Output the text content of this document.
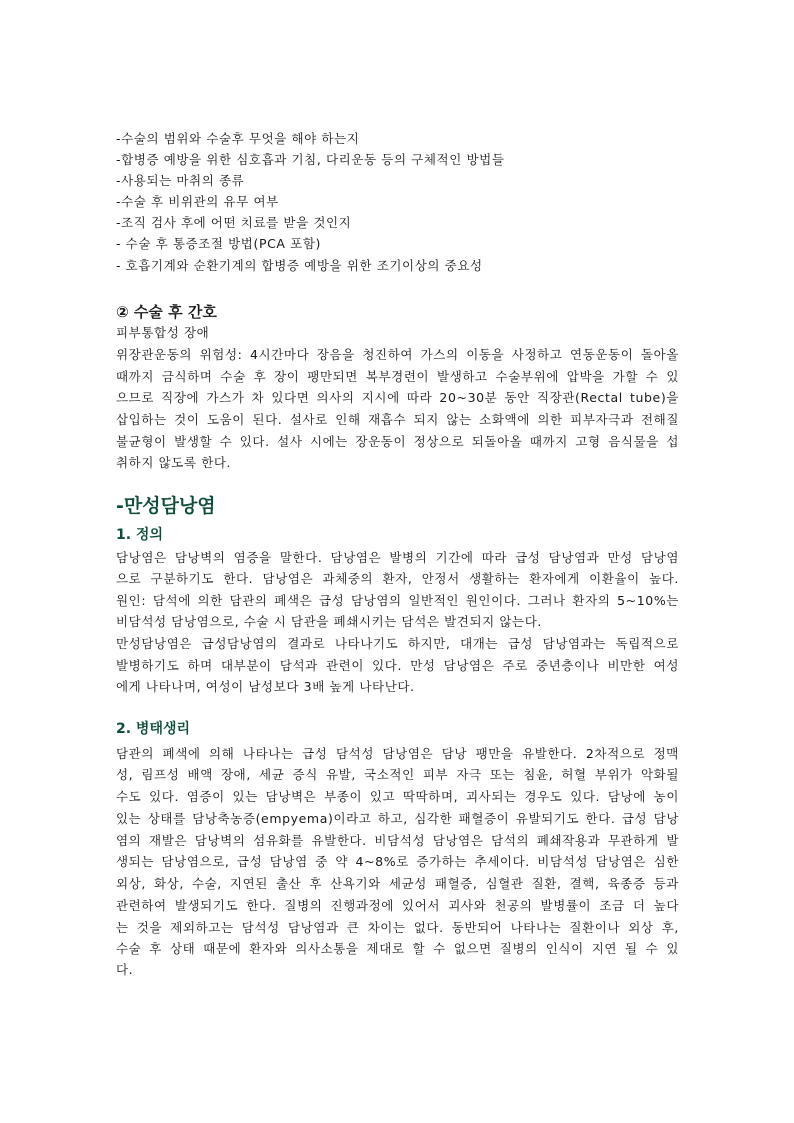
-수술의 범위와 수술후 무엇을 해야 하는지
-합병증 예방을 위한 심호흡과 기침, 다리운동 등의 구체적인 방법들
-사용되는 마취의 종류
-수술 후 비위관의 유무 여부
-조직 검사 후에 어떤 치료를 받을 것인지
- 수술 후 통증조절 방법(PCA 포함)
- 호흡기계와 순환기계의 합병증 예방을 위한 조기이상의 중요성
② 수술 후 간호
피부통합성 장애
위장관운동의 위험성: 4시간마다 장음을 청진하여 가스의 이동을 사정하고 연동운동이 돌아올
때까지 금식하며 수술 후 장이 팽만되면 복부경련이 발생하고 수술부위에 압박을 가할 수 있
으므로 직장에 가스가 차 있다면 의사의 지시에 따라 20~30분 동안 직장관(Rectal tube)을
삽입하는 것이 도움이 된다. 설사로 인해 재흡수 되지 않는 소화액에 의한 피부자극과 전해질
불균형이 발생할 수 있다. 설사 시에는 장운동이 정상으로 되돌아올 때까지 고형 음식물을 섭
취하지 않도록 한다.
-만성담낭염
1. 정의
담낭염은 담낭벽의 염증을 말한다. 담낭염은 발병의 기간에 따라 급성 담낭염과 만성 담낭염
으로 구분하기도 한다. 담낭염은 과체중의 환자, 안정서 생활하는 환자에게 이환율이 높다.
원인: 담석에 의한 담관의 폐색은 급성 담낭염의 일반적인 원인이다. 그러나 환자의 5~10%는
비담석성 담낭염으로, 수술 시 담관을 폐쇄시키는 담석은 발견되지 않는다.
만성담낭염은 급성담낭염의 결과로 나타나기도 하지만, 대개는 급성 담낭염과는 독립적으로
발병하기도 하며 대부분이 담석과 관련이 있다. 만성 담낭염은 주로 중년층이나 비만한 여성
에게 나타나며, 여성이 남성보다 3배 높게 나타난다.
2. 병태생리
담관의 폐색에 의해 나타나는 급성 담석성 담낭염은 담낭 팽만을 유발한다. 2차적으로 정맥
성, 림프성 배액 장애, 세균 증식 유발, 국소적인 피부 자극 또는 침윤, 허혈 부위가 악화될
수도 있다. 염증이 있는 담낭벽은 부종이 있고 딱딱하며, 괴사되는 경우도 있다. 담낭에 농이
있는 상태를 담낭축농증(empyema)이라고 하고, 심각한 패혈증이 유발되기도 한다. 급성 담낭
염의 재발은 담낭벽의 섬유화를 유발한다. 비담석성 담낭염은 담석의 폐쇄작용과 무관하게 발
생되는 담낭염으로, 급성 담낭염 중 약 4~8%로 증가하는 추세이다. 비담석성 담낭염은 심한
외상, 화상, 수술, 지연된 출산 후 산욕기와 세균성 패혈증, 심혈관 질환, 결핵, 육종증 등과
관련하여 발생되기도 한다. 질병의 진행과정에 있어서 괴사와 천공의 발병률이 조금 더 높다
는 것을 제외하고는 담석성 담낭염과 큰 차이는 없다. 동반되어 나타나는 질환이나 외상 후,
수술 후 상태 때문에 환자와 의사소통을 제대로 할 수 없으면 질병의 인식이 지연 될 수 있
다.
